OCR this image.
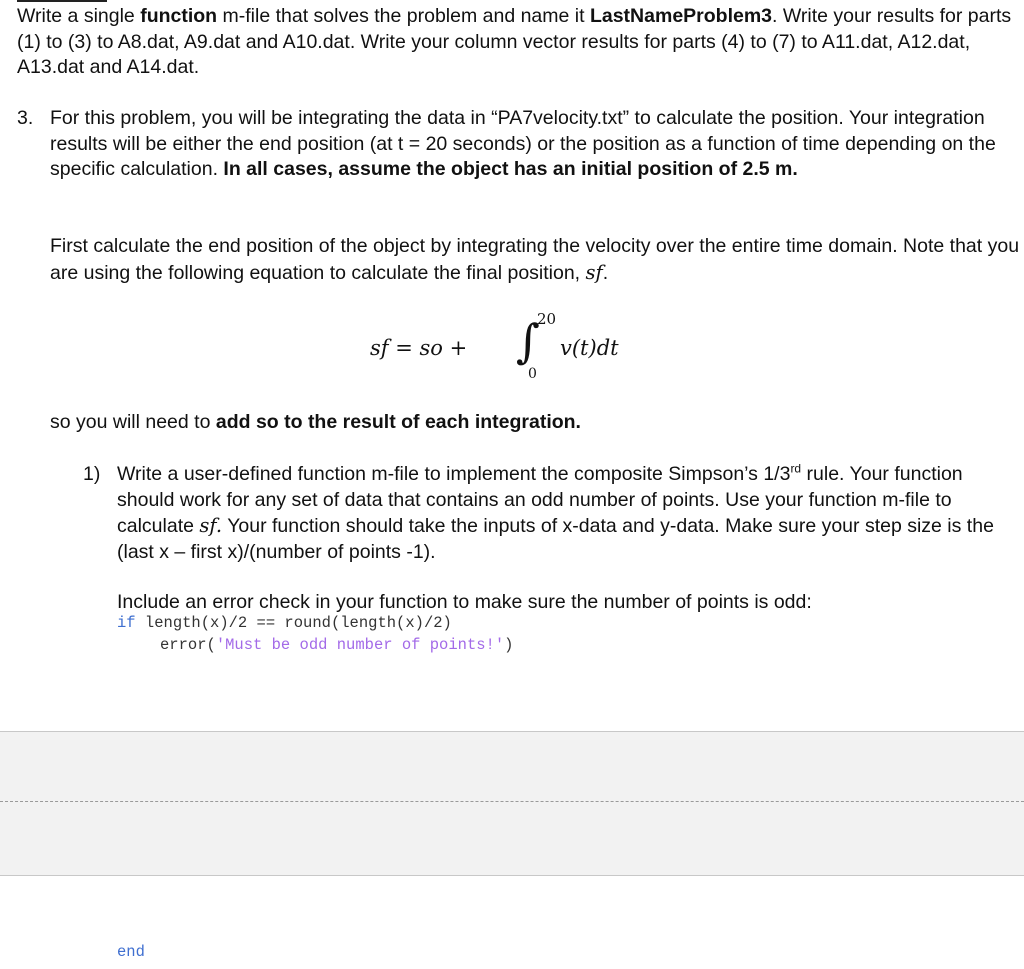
Write a single function m-file that solves the problem and name it LastNameProblem3. Write your results for parts (1) to (3) to A8.dat, A9.dat and A10.dat. Write your column vector results for parts (4) to (7) to A11.dat, A12.dat, A13.dat and A14.dat.
3. For this problem, you will be integrating the data in “PA7velocity.txt” to calculate the position. Your integration results will be either the end position (at t = 20 seconds) or the position as a function of time depending on the specific calculation. In all cases, assume the object has an initial position of 2.5 m.
First calculate the end position of the object by integrating the velocity over the entire time domain. Note that you are using the following equation to calculate the final position, sf.
sf = so + ∫
20
0
v(t)dt
so you will need to add so to the result of each integration.
1) Write a user-defined function m-file to implement the composite Simpson’s 1/3rd rule. Your function should work for any set of data that contains an odd number of points. Use your function m-file to calculate sf. Your function should take the inputs of x-data and y-data. Make sure your step size is the (last x – first x)/(number of points -1).
Include an error check in your function to make sure the number of points is odd:
if length(x)/2 == round(length(x)/2)
error('Must be odd number of points!')
end
